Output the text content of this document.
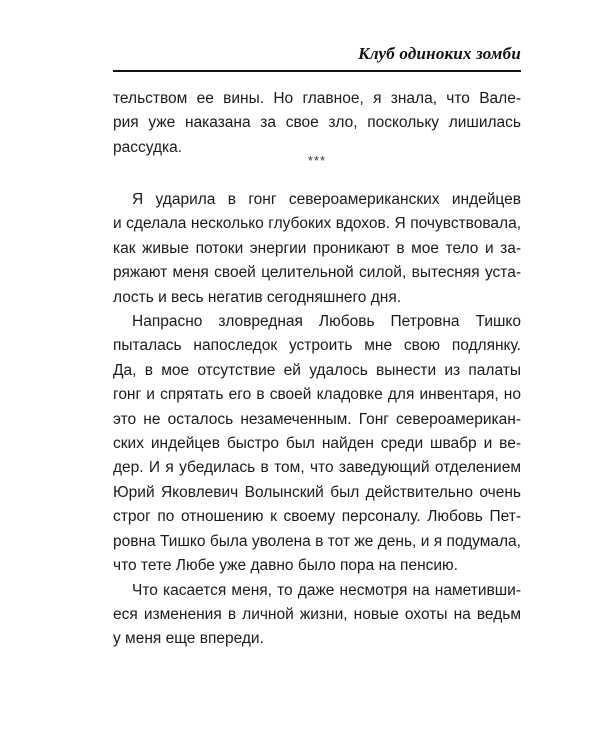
Клуб одиноких зомби
тельством ее вины. Но главное, я знала, что Вале-
рия уже наказана за свое зло, поскольку лишилась
рассудка.
***
Я ударила в гонг североамериканских индейцев
и сделала несколько глубоких вдохов. Я почувствовала,
как живые потоки энергии проникают в мое тело и за-
ряжают меня своей целительной силой, вытесняя уста-
лость и весь негатив сегодняшнего дня.
Напрасно зловредная Любовь Петровна Тишко
пыталась напоследок устроить мне свою подлянку.
Да, в мое отсутствие ей удалось вынести из палаты
гонг и спрятать его в своей кладовке для инвентаря, но
это не осталось незамеченным. Гонг североамерикан-
ских индейцев быстро был найден среди швабр и ве-
дер. И я убедилась в том, что заведующий отделением
Юрий Яковлевич Волынский был действительно очень
строг по отношению к своему персоналу. Любовь Пет-
ровна Тишко была уволена в тот же день, и я подумала,
что тете Любе уже давно было пора на пенсию.
Что касается меня, то даже несмотря на наметивши-
еся изменения в личной жизни, новые охоты на ведьм
у меня еще впереди.
